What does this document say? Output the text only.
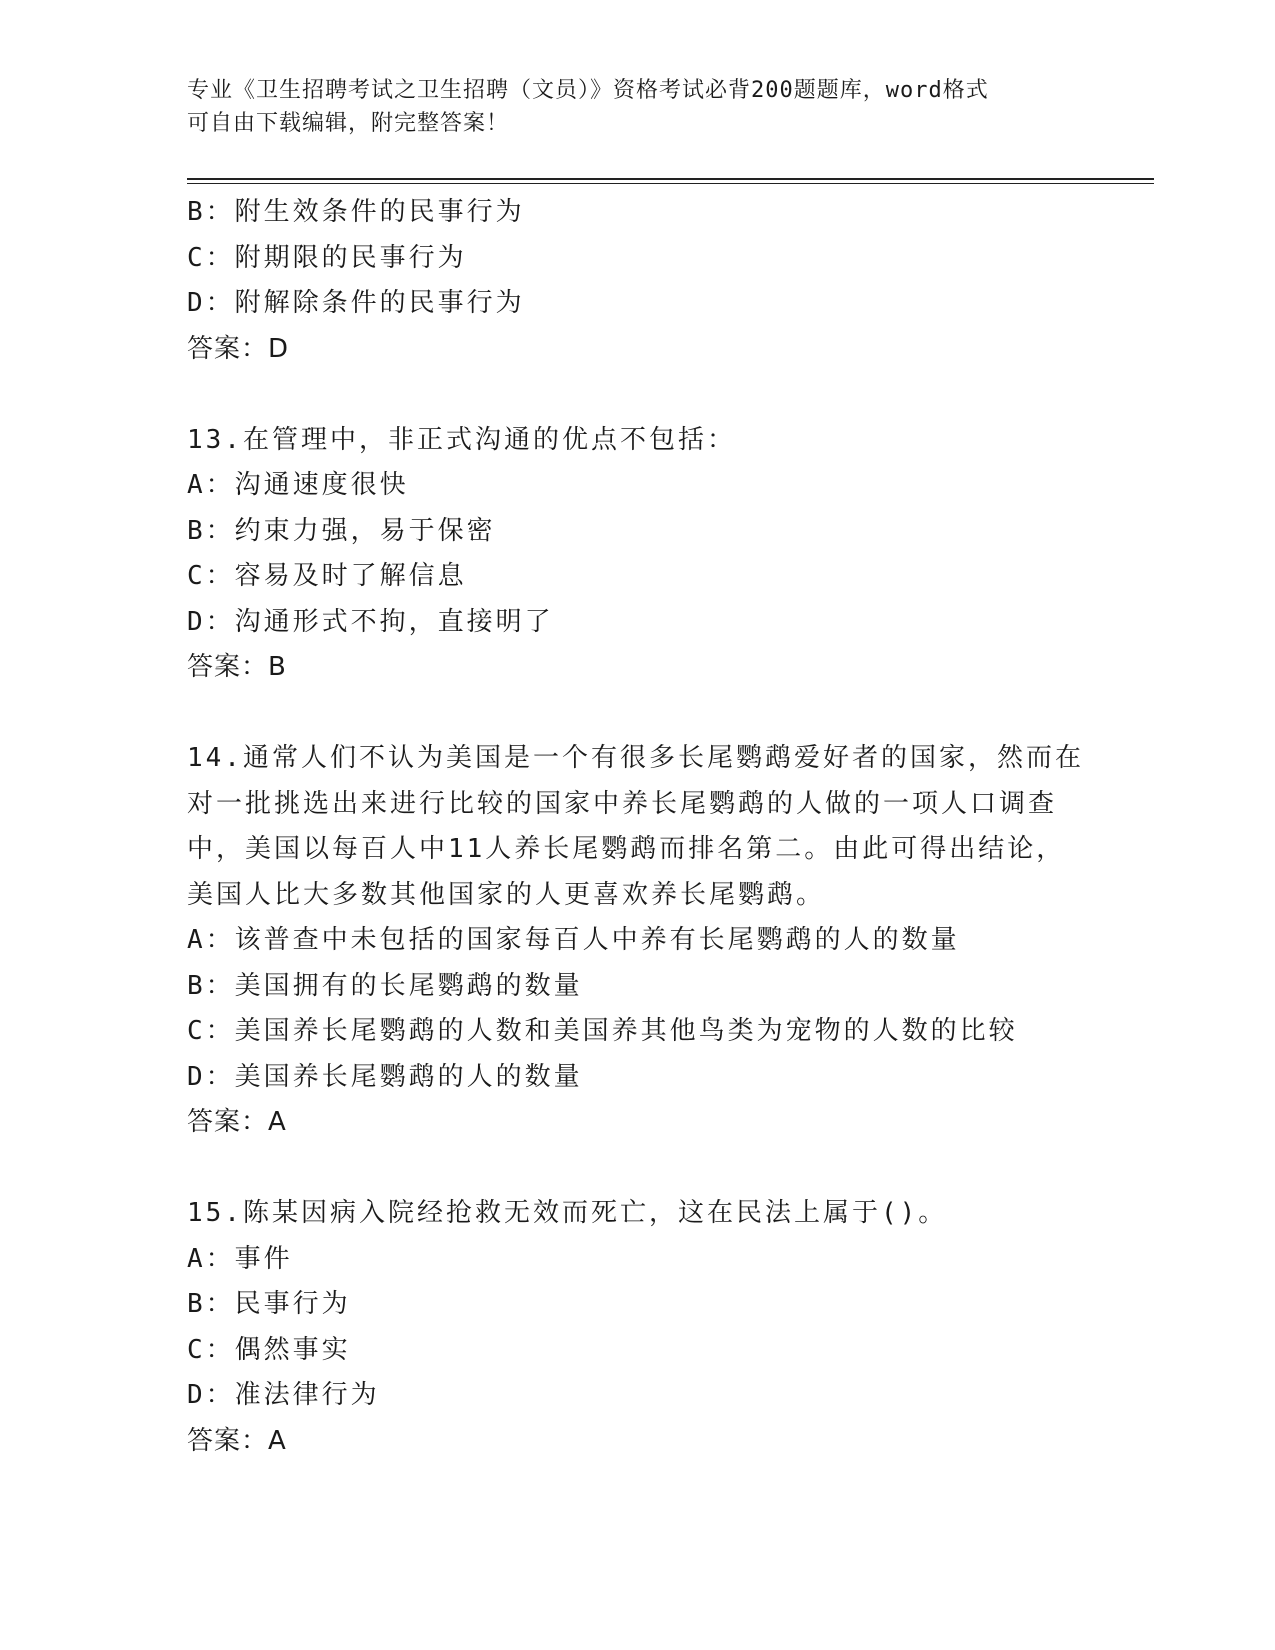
专业《卫生招聘考试之卫生招聘（文员）》资格考试必背200题题库，word格式
可自由下载编辑，附完整答案！
B：附生效条件的民事行为
C：附期限的民事行为
D：附解除条件的民事行为
答案：D
13.在管理中，非正式沟通的优点不包括：
A：沟通速度很快
B：约束力强，易于保密
C：容易及时了解信息
D：沟通形式不拘，直接明了
答案：B
14.通常人们不认为美国是一个有很多长尾鹦鹉爱好者的国家，然而在
对一批挑选出来进行比较的国家中养长尾鹦鹉的人做的一项人口调查
中，美国以每百人中11人养长尾鹦鹉而排名第二。由此可得出结论，
美国人比大多数其他国家的人更喜欢养长尾鹦鹉。
A：该普查中未包括的国家每百人中养有长尾鹦鹉的人的数量
B：美国拥有的长尾鹦鹉的数量
C：美国养长尾鹦鹉的人数和美国养其他鸟类为宠物的人数的比较
D：美国养长尾鹦鹉的人的数量
答案：A
15.陈某因病入院经抢救无效而死亡，这在民法上属于()。
A：事件
B：民事行为
C：偶然事实
D：准法律行为
答案：A
